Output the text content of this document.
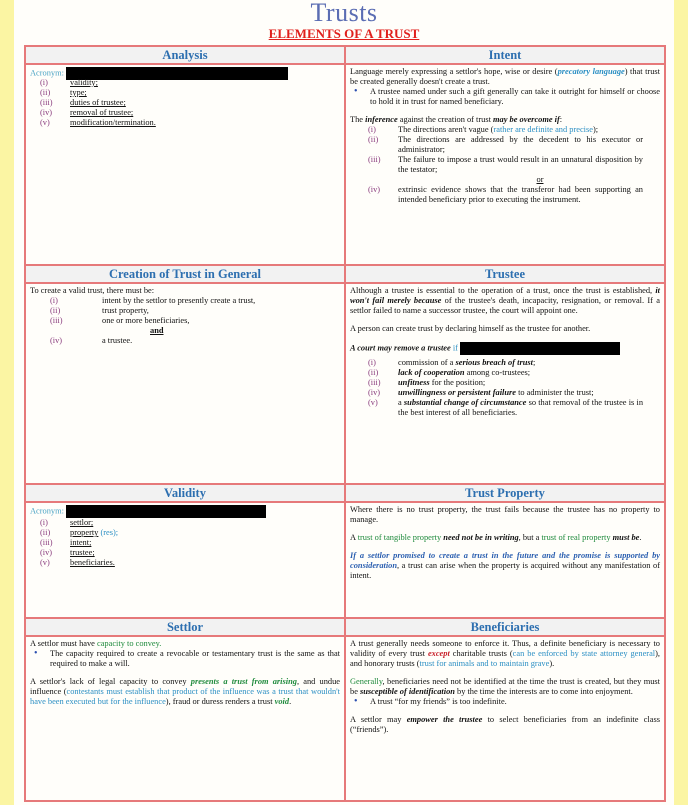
Trusts
ELEMENTS OF A TRUST
Analysis
Acronym:
(i)	validity;
(ii) type;
(iii) duties of trustee;
(iv) removal of trustee;
(v) modification/termination.
Intent

Language merely expressing a settlor's hope, wise or desire (precatory language) that trust be created generally doesn't create a trust.

• A trustee named under such a gift generally can take it outright for himself or choose to hold it in trust for named beneficiary.

The inference against the creation of trust may be overcome if:

(i)	The directions aren't vague (rather are definite and precise);
(ii) The directions are addressed by the decedent to his executor or administrator;
(iii) The failure to impose a trust would result in an unnatural disposition by the testator;
or
(iv) extrinsic evidence shows that the transferor had been supporting an intended beneficiary prior to executing the instrument.
Creation of Trust in General

To create a valid trust, there must be:

(i)	intent by the settlor to presently create a trust,
(ii)	trust property,
(iii)	one or more beneficiaries,
and
(iv)	a trustee.
Trustee

Although a trustee is essential to the operation of a trust, once the trust is established, it won't fail merely because of the trustee's death, incapacity, resignation, or removal. If a settlor failed to name a successor trustee, the court will appoint one.

A person can create trust by declaring himself as the trustee for another.

A court may remove a trustee if
(i)	commission of a serious breach of trust;
(ii) lack of cooperation among co-trustees;
(iii) unfitness for the position;
(iv) unwillingness or persistent failure to administer the trust;
(v) a substantial change of circumstance so that removal of the trustee is in the best interest of all beneficiaries.
Validity
Acronym:
(i)	settlor;
(ii) property (res);
(iii) intent;
(iv) trustee;
(v) beneficiaries.
Trust Property

Where there is no trust property, the trust fails because the trustee has no property to manage.

A trust of tangible property need not be in writing, but a trust of real property must be.

If a settlor promised to create a trust in the future and the promise is supported by consideration, a trust can arise when the property is acquired without any manifestation of intent.

Settlor

A settlor must have capacity to convey.

• The capacity required to create a revocable or testamentary trust is the same as that required to make a will.

A settlor's lack of legal capacity to convey presents a trust from arising, and undue influence (contestants must establish that product of the influence was a trust that wouldn't have been executed but for the influence), fraud or duress renders a trust void.

Beneficiaries

A trust generally needs someone to enforce it. Thus, a definite beneficiary is necessary to validity of every trust except charitable trusts (can be enforced by state attorney general), and honorary trusts (trust for animals and to maintain grave).

Generally, beneficiaries need not be identified at the time the trust is created, but they must be susceptible of identification by the time the interests are to come into enjoyment.

• A trust “for my friends” is too indefinite.

A settlor may empower the trustee to select beneficiaries from an indefinite class (“friends”).
